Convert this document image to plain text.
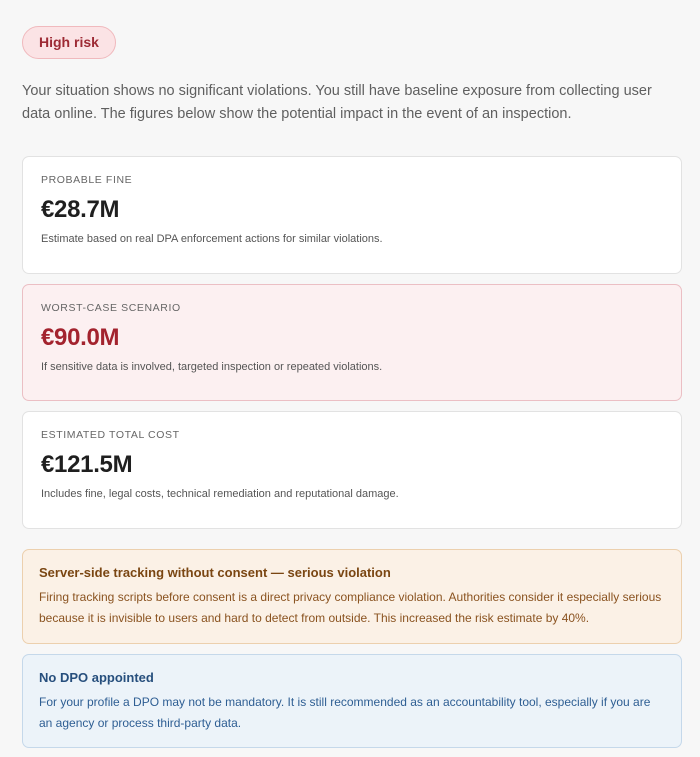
High risk

Your situation shows no significant violations. You still have baseline exposure from collecting user data online. The figures below show the potential impact in the event of an inspection.

PROBABLE FINE
€28.7M
Estimate based on real DPA enforcement actions for similar violations.
WORST-CASE SCENARIO
€90.0M
If sensitive data is involved, targeted inspection or repeated violations.
ESTIMATED TOTAL COST
€121.5M
Includes fine, legal costs, technical remediation and reputational damage.
Server-side tracking without consent — serious violation
Firing tracking scripts before consent is a direct privacy compliance violation. Authorities consider it especially serious because it is invisible to users and hard to detect from outside. This increased the risk estimate by 40%.
No DPO appointed
For your profile a DPO may not be mandatory. It is still recommended as an accountability tool, especially if you are an agency or process third-party data.
